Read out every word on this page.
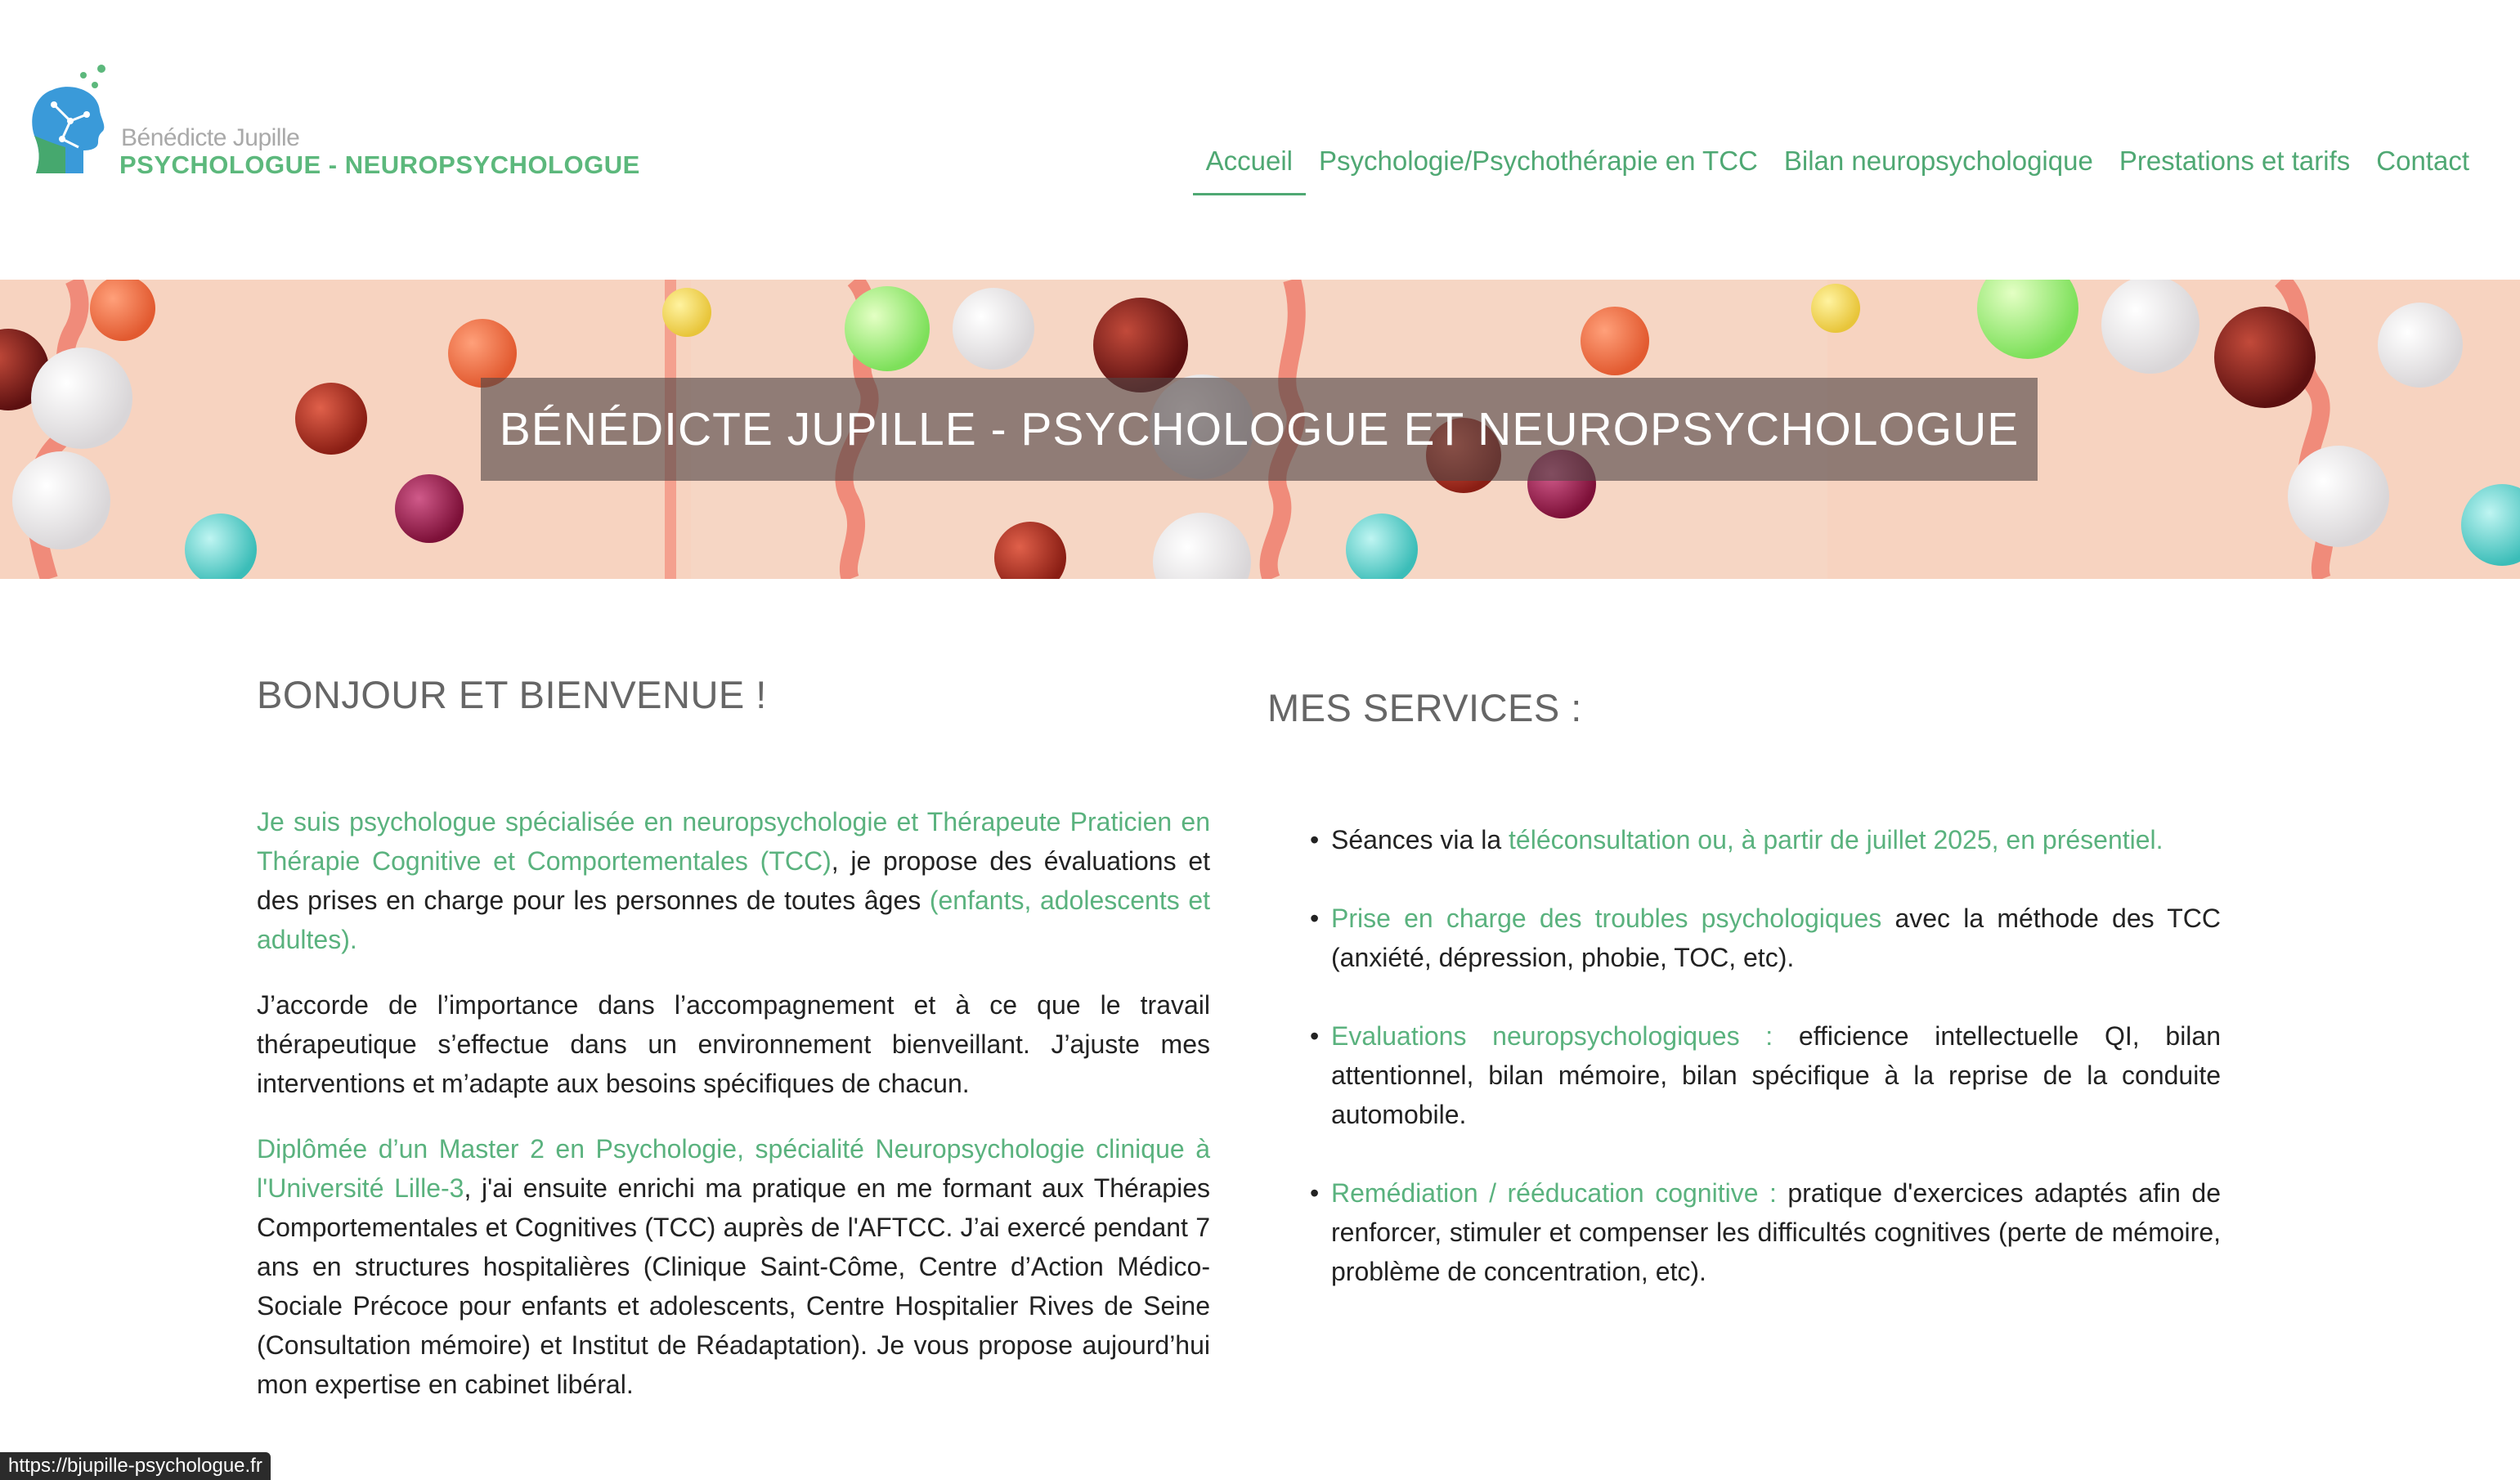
Bénédicte Jupille
PSYCHOLOGUE - NEUROPSYCHOLOGUE	Accueil Psychologie/Psychothérapie en TCC Bilan neuropsychologique Prestations et tarifs Contact
BÉNÉDICTE JUPILLE - PSYCHOLOGUE ET NEUROPSYCHOLOGUE
BONJOUR ET BIENVENUE !

Je suis psychologue spécialisée en neuropsychologie et Thérapeute Praticien en Thérapie Cognitive et Comportementales (TCC), je propose des évaluations et des prises en charge pour les personnes de toutes âges (enfants, adolescents et adultes).

J’accorde de l’importance dans l’accompagnement et à ce que le travail thérapeutique s’effectue dans un environnement bienveillant. J’ajuste mes interventions et m’adapte aux besoins spécifiques de chacun.

Diplômée d’un Master 2 en Psychologie, spécialité Neuropsychologie clinique à l'Université Lille-3, j'ai ensuite enrichi ma pratique en me formant aux Thérapies Comportementales et Cognitives (TCC) auprès de l'AFTCC. J’ai exercé pendant 7 ans en structures hospitalières (Clinique Saint-Côme, Centre d’Action Médico-Sociale Précoce pour enfants et adolescents, Centre Hospitalier Rives de Seine (Consultation mémoire) et Institut de Réadaptation). Je vous propose aujourd’hui mon expertise en cabinet libéral.

MES SERVICES :
• Séances via la téléconsultation ou, à partir de juillet 2025, en présentiel.
• Prise en charge des troubles psychologiques avec la méthode des TCC (anxiété, dépression, phobie, TOC, etc).
• Evaluations neuropsychologiques : efficience intellectuelle QI, bilan attentionnel, bilan mémoire, bilan spécifique à la reprise de la conduite automobile.
• Remédiation / rééducation cognitive : pratique d'exercices adaptés afin de renforcer, stimuler et compenser les difficultés cognitives (perte de mémoire, problème de concentration, etc).
https://bjupille-psychologue.fr
